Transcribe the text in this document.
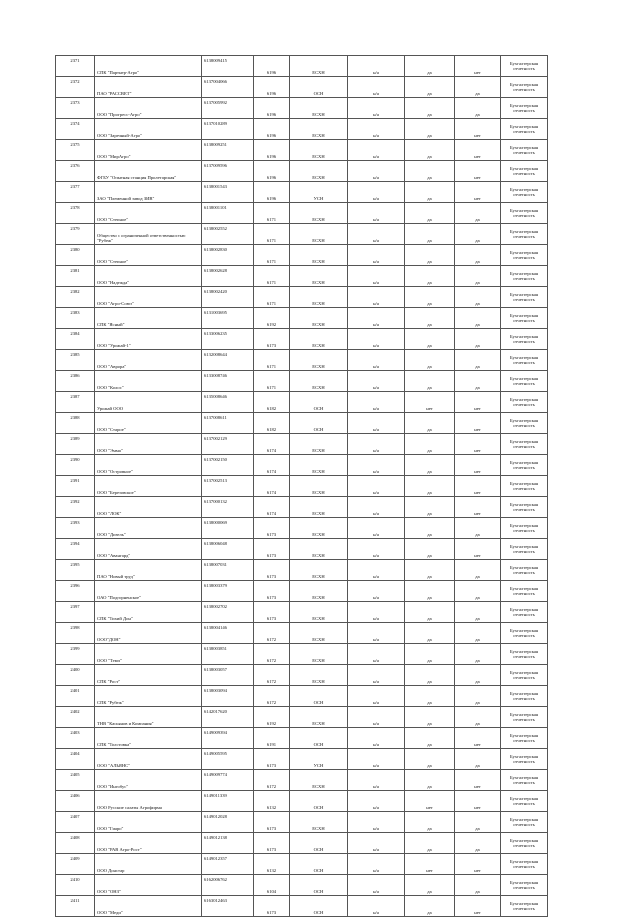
2371	СПК "Партнер-Агро"	6138009415	6196	ЕСХН	н/а	да	нет	Бухгалтерская отчетность
2372	ПАО "РАССВЕТ"	6137004066	6196	ОСН	н/а	да	да	Бухгалтерская отчетность
2373	ООО "Прогресс-Агро"	6137005992	6196	ЕСХН	н/а	да	да	Бухгалтерская отчетность
2374	ООО "Заречный-Агро"	6137010289	6196	ЕСХН	н/а	да	нет	Бухгалтерская отчетность
2375	ООО "МирАгро"	6138009251	6196	ЕСХН	н/а	да	нет	Бухгалтерская отчетность
2376	ФГБУ "Опытная станция Пролетарская"	6137009596	6196	ЕСХН	н/а	да	нет	Бухгалтерская отчетность
2377	ЗАО "Племенной завод ЗИВ"	6138001543	6196	УСН	н/а	да	нет	Бухгалтерская отчетность
2378	ООО "Степное"	6138001101	6171	ЕСХН	н/а	да	да	Бухгалтерская отчетность
2379	Общество с ограниченной ответственностью "Рубеж"	6138002552	6171	ЕСХН	н/а	да	да	Бухгалтерская отчетность
2380	ООО "Степное"	6138002830	6171	ЕСХН	н/а	да	да	Бухгалтерская отчетность
2381	ООО "Надежда"	6138002628	6171	ЕСХН	н/а	да	да	Бухгалтерская отчетность
2382	ООО "Агро-Союз"	6138002420	6171	ЕСХН	н/а	да	да	Бухгалтерская отчетность
2383	СПК "Ясный"	6131003695	6192	ЕСХН	н/а	да	да	Бухгалтерская отчетность
2384	ООО "Урожай-1"	6133006235	6173	ЕСХН	н/а	да	да	Бухгалтерская отчетность
2385	ООО "Аврора"	6132008644	6171	ЕСХН	н/а	да	да	Бухгалтерская отчетность
2386	ООО "Колос"	6133008746	6171	ЕСХН	н/а	да	да	Бухгалтерская отчетность
2387	Урожай ООО	6135008646	6182	ОСН	н/а	нет	нет	Бухгалтерская отчетность
2388	ООО "Старое"	6137008611	6182	ОСН	н/а	да	нет	Бухгалтерская отчетность
2389	ООО "Эмма"	6137002129	6174	ЕСХН	н/а	да	нет	Бухгалтерская отчетность
2390	ООО "Островное"	6137002150	6174	ЕСХН	н/а	да	нет	Бухгалтерская отчетность
2391	ООО "Березовское"	6137002513	6174	ЕСХН	н/а	да	нет	Бухгалтерская отчетность
2392	ООО "ЛОК"	6137000132	6174	ЕСХН	н/а	да	нет	Бухгалтерская отчетность
2393	ООО "Дизель"	6138000069	6173	ЕСХН	н/а	да	да	Бухгалтерская отчетность
2394	ООО "Авангард"	6138006048	6173	ЕСХН	н/а	да	нет	Бухгалтерская отчетность
2395	ПАО "Новый труд"	6138007031	6173	ЕСХН	н/а	да	да	Бухгалтерская отчетность
2396	ОАО "Подгорненское"	6138003379	6173	ЕСХН	н/а	да	да	Бухгалтерская отчетность
2397	СПК "Тихий Дон"	6138002702	6173	ЕСХН	н/а	да	да	Бухгалтерская отчетность
2398	ООО"ДОН"	6138004146	6172	ЕСХН	н/а	да	да	Бухгалтерская отчетность
2399	ООО "Темп"	6138003851	6172	ЕСХН	н/а	да	да	Бухгалтерская отчетность
2400	СПК "Рост"	6138003057	6172	ЕСХН	н/а	да	да	Бухгалтерская отчетность
2401	СПК "Рубеж"	6138003094	6172	ОСН	н/а	да	да	Бухгалтерская отчетность
2402	ТНВ "Касьянов и Компания"	6142017620	6192	ЕСХН	н/а	да	да	Бухгалтерская отчетность
2403	СПК "Толстовка"	6149009394	6191	ОСН	н/а	да	нет	Бухгалтерская отчетность
2404	ООО "АЛЬЯНС"	6149005595	6173	УСН	н/а	да	да	Бухгалтерская отчетность
2405	ООО "Ингобус"	6149009774	6172	ЕСХН	н/а	да	нет	Бухгалтерская отчетность
2406	ООО Русские салаты Агрофирма	6149011339	6132	ОСН	н/а	нет	нет	Бухгалтерская отчетность
2407	ООО "Гиаро"	6149012028	6173	ЕСХН	н/а	да	да	Бухгалтерская отчетность
2408	ООО "РАВ Агро-Рост"	6149012138	6173	ОСН	н/а	да	да	Бухгалтерская отчетность
2409	ООО Донстар	6149012357	6132	ОСН	н/а	нет	нет	Бухгалтерская отчетность
2410	ООО "ОНЗ"	6162006762	6104	ОСН	н/а	да	да	Бухгалтерская отчетность
2411	ООО "Меди"	6163012463	6173	ОСН	н/а	да	нет	Бухгалтерская отчетность
